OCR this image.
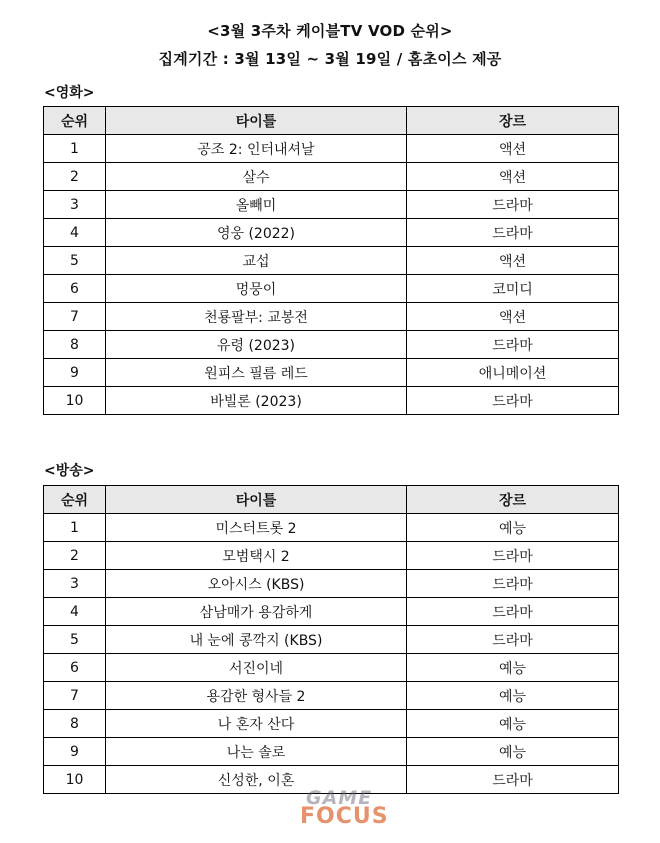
<3월 3주차 케이블TV VOD 순위>
집계기간 : 3월 13일 ~ 3월 19일 / 홈초이스 제공
<영화>
순위	타이틀	장르
1	공조 2: 인터내셔날	액션
2	살수	액션
3	올빼미	드라마
4	영웅 (2022)	드라마
5	교섭	액션
6	멍뭉이	코미디
7	천룡팔부: 교봉전	액션
8	유령 (2023)	드라마
9	원피스 필름 레드	애니메이션
10	바빌론 (2023)	드라마
<방송>
순위	타이틀	장르
1	미스터트롯 2	예능
2	모범택시 2	드라마
3	오아시스 (KBS)	드라마
4	삼남매가 용감하게	드라마
5	내 눈에 콩깍지 (KBS)	드라마
6	서진이네	예능
7	용감한 형사들 2	예능
8	나 혼자 산다	예능
9	나는 솔로	예능
10	신성한, 이혼	드라마
GAME
FOCUS
